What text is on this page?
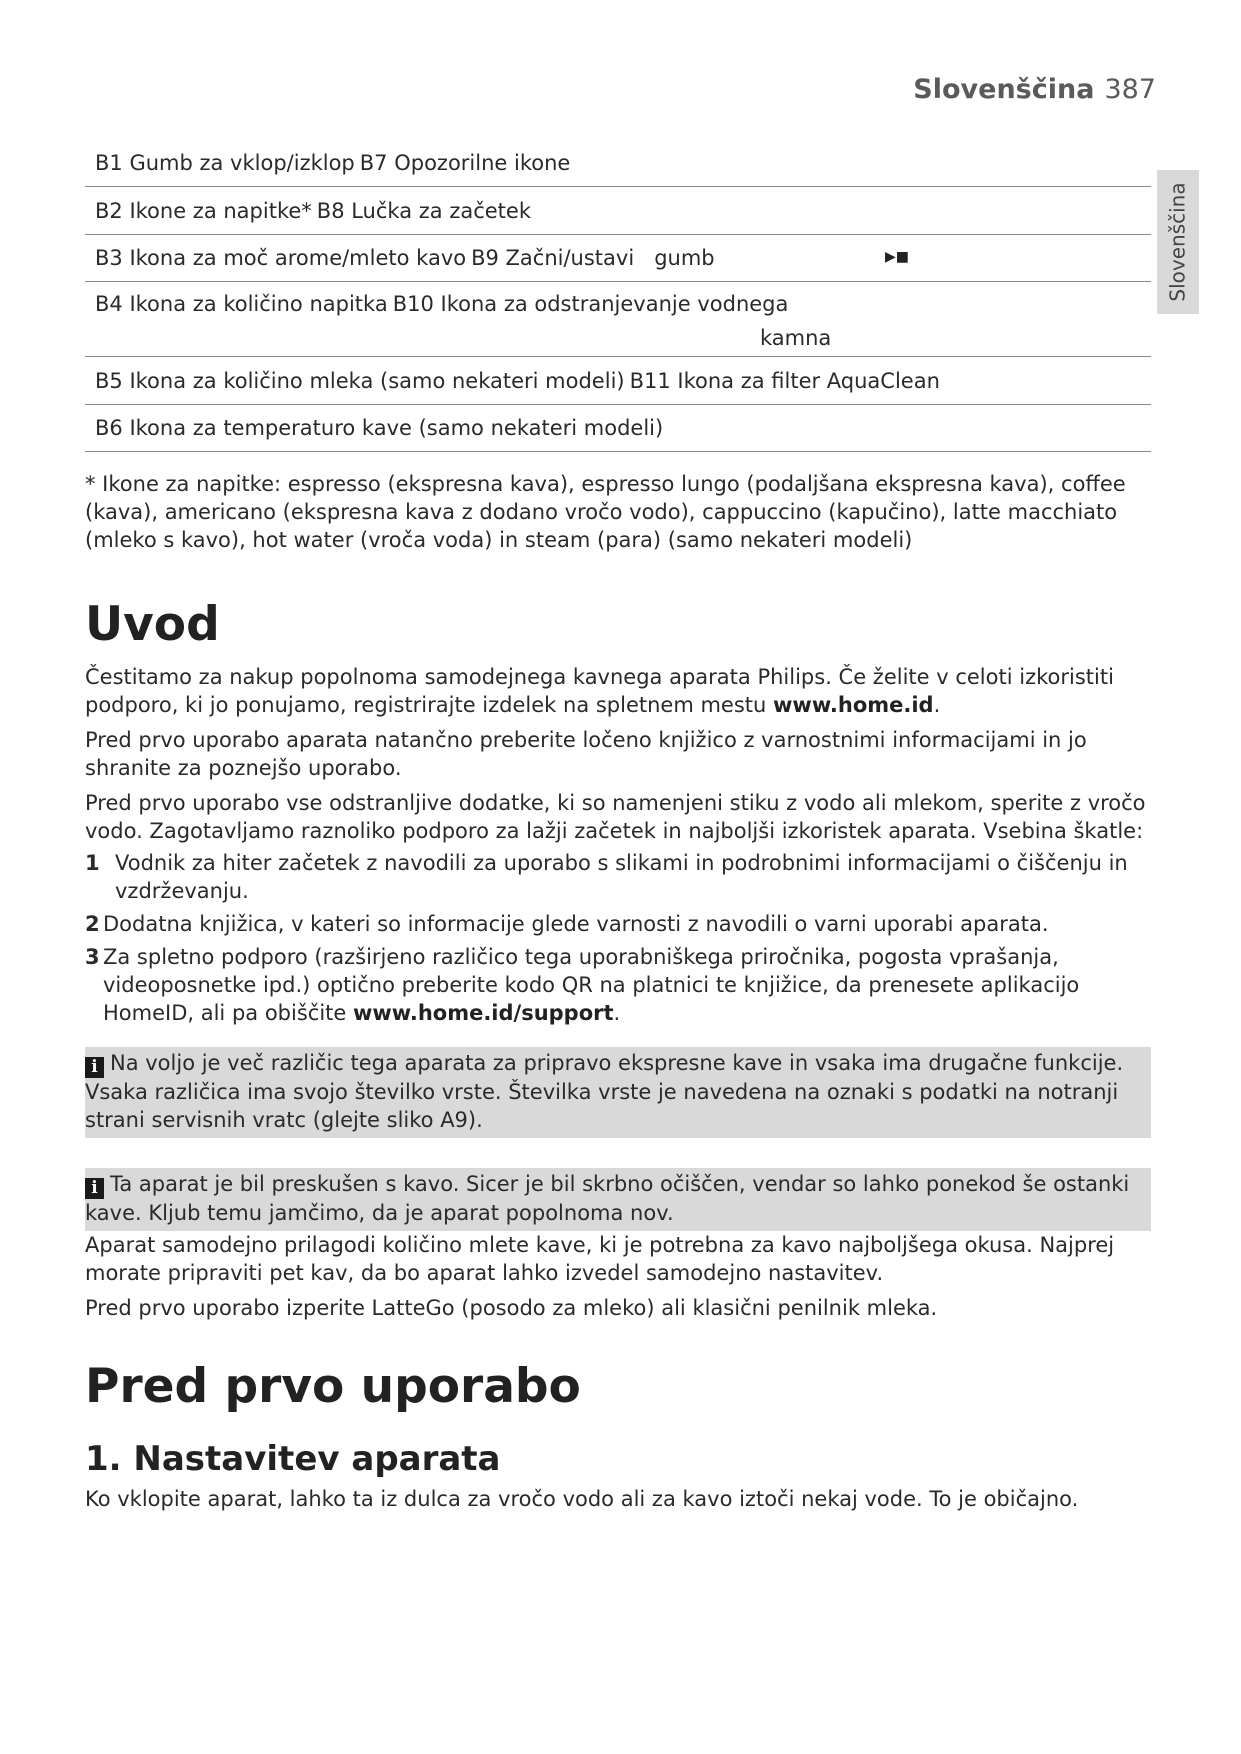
Slovenščina 387
Slovenščina
B1 Gumb za vklop/izklop B7 Opozorilne ikone
B2 Ikone za napitke* B8 Lučka za začetek
B3 Ikona za moč arome/mleto kavo B9 Začni/ustavi   gumb	▶■
B4 Ikona za količino napitka B10 Ikona za odstranjevanje vodnega
kamna
B5 Ikona za količino mleka (samo nekateri modeli) B11 Ikona za filter AquaClean
B6 Ikona za temperaturo kave (samo nekateri modeli)

* Ikone za napitke: espresso (ekspresna kava), espresso lungo (podaljšana ekspresna kava), coffee (kava), americano (ekspresna kava z dodano vročo vodo), cappuccino (kapučino), latte macchiato (mleko s kavo), hot water (vroča voda) in steam (para) (samo nekateri modeli)

Uvod

Čestitamo za nakup popolnoma samodejnega kavnega aparata Philips. Če želite v celoti izkoristiti podporo, ki jo ponujamo, registrirajte izdelek na spletnem mestu www.home.id.

Pred prvo uporabo aparata natančno preberite ločeno knjižico z varnostnimi informacijami in jo shranite za poznejšo uporabo.

Pred prvo uporabo vse odstranljive dodatke, ki so namenjeni stiku z vodo ali mlekom, sperite z vročo vodo. Zagotavljamo raznoliko podporo za lažji začetek in najboljši izkoristek aparata. Vsebina škatle:

1 Vodnik za hiter začetek z navodili za uporabo s slikami in podrobnimi informacijami o čiščenju in vzdrževanju.
2 Dodatna knjižica, v kateri so informacije glede varnosti z navodili o varni uporabi aparata.
3 Za spletno podporo (razširjeno različico tega uporabniškega priročnika, pogosta vprašanja, videoposnetke ipd.) optično preberite kodo QR na platnici te knjižice, da prenesete aplikacijo HomeID, ali pa obiščite www.home.id/support.
i Na voljo je več različic tega aparata za pripravo ekspresne kave in vsaka ima drugačne funkcije. Vsaka različica ima svojo številko vrste. Številka vrste je navedena na oznaki s podatki na notranji strani servisnih vratc (glejte sliko A9).
i Ta aparat je bil preskušen s kavo. Sicer je bil skrbno očiščen, vendar so lahko ponekod še ostanki kave. Kljub temu jamčimo, da je aparat popolnoma nov.

Aparat samodejno prilagodi količino mlete kave, ki je potrebna za kavo najboljšega okusa. Najprej morate pripraviti pet kav, da bo aparat lahko izvedel samodejno nastavitev.

Pred prvo uporabo izperite LatteGo (posodo za mleko) ali klasični penilnik mleka.

Pred prvo uporabo
1. Nastavitev aparata

Ko vklopite aparat, lahko ta iz dulca za vročo vodo ali za kavo iztoči nekaj vode. To je običajno.
